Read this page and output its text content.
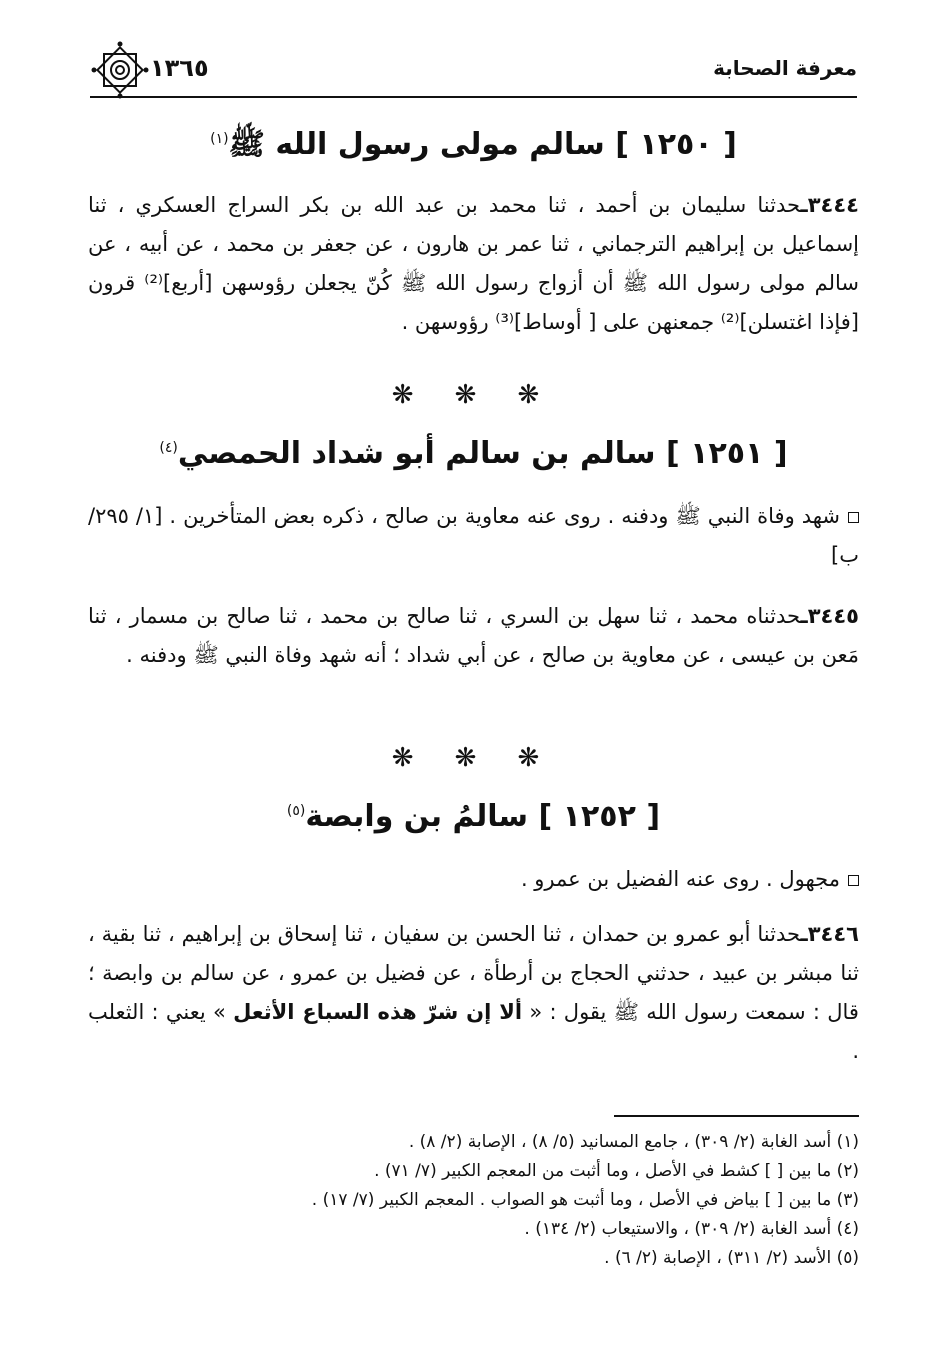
معرفة الصحابة
١٣٦٥
[ ١٢٥٠ ] سالم مولى رسول الله ﷺ$^{(١)}$
٣٤٤٤ـحدثنا سليمان بن أحمد ، ثنا محمد بن عبد الله بن بكر السراج العسكري ، ثنا إسماعيل بن إبراهيم الترجماني ، ثنا عمر بن هارون ، عن جعفر بن محمد ، عن أبيه ، عن سالم مولى رسول الله ﷺ أن أزواج رسول الله ﷺ كُنّ يجعلن رؤوسهن [أربع]⁽²⁾ قرون [فإذا اغتسلن]⁽²⁾ جمعنهن على [ أوساط]⁽³⁾ رؤوسهن .
❋ ❋ ❋
[ ١٢٥١ ] سالم بن سالم أبو شداد الحمصي$^{(٤)}$
شهد وفاة النبي ﷺ ودفنه . روى عنه معاوية بن صالح ، ذكره بعض المتأخرين . [١/ ٢٩٥/ ب]
٣٤٤٥ـحدثناه محمد ، ثنا سهل بن السري ، ثنا صالح بن محمد ، ثنا صالح بن مسمار ، ثنا مَعن بن عيسى ، عن معاوية بن صالح ، عن أبي شداد ؛ أنه شهد وفاة النبي ﷺ ودفنه .
❋ ❋ ❋
[ ١٢٥٢ ] سالمُ بن وابصة$^{(٥)}$
مجهول . روى عنه الفضيل بن عمرو .
٣٤٤٦ـحدثنا أبو عمرو بن حمدان ، ثنا الحسن بن سفيان ، ثنا إسحاق بن إبراهيم ، ثنا بقية ، ثنا مبشر بن عبيد ، حدثني الحجاج بن أرطأة ، عن فضيل بن عمرو ، عن سالم بن وابصة ؛ قال : سمعت رسول الله ﷺ يقول : « ألا إن شرّ هذه السباع الأثعل » يعني : الثعلب .
(١) أسد الغابة (٢/ ٣٠٩) ، جامع المسانيد (٥/ ٨) ، الإصابة (٢/ ٨) .
(٢) ما بين [ ] كشط في الأصل ، وما أثبت من المعجم الكبير (٧/ ٧١) .
(٣) ما بين [ ] بياض في الأصل ، وما أثبت هو الصواب . المعجم الكبير (٧/ ١٧) .
(٤) أسد الغابة (٢/ ٣٠٩) ، والاستيعاب (٢/ ١٣٤) .
(٥) الأسد (٢/ ٣١١) ، الإصابة (٢/ ٦) .
